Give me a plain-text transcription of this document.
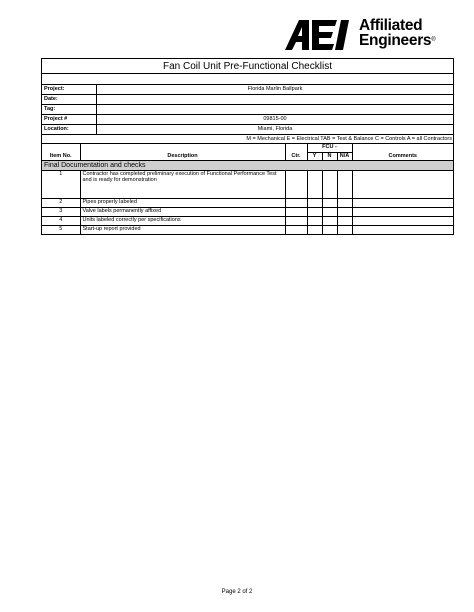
Affiliated
Engineers®
Fan Coil Unit Pre-Functional Checklist
Project:	Florida Marlin Ballpark
Date:
Tag:
Project #	09815-00
Location:	Miami, Florida
M = Mechanical E = Electrical TAB = Test & Balance C = Controls A = all Contractors
Item No.	Description	Ctr.	FCU -			Comments
			Y	N	N/A	
Final Documentation and checks						
1	Contractor has completed preliminary execution of Functional Performance Test and is ready for demonstration					
2	Pipes properly labeled					
3	Valve labels permanently affixed					
4	Units labeled correctly per specifications					
5	Start-up report provided					
Page 2 of 2
